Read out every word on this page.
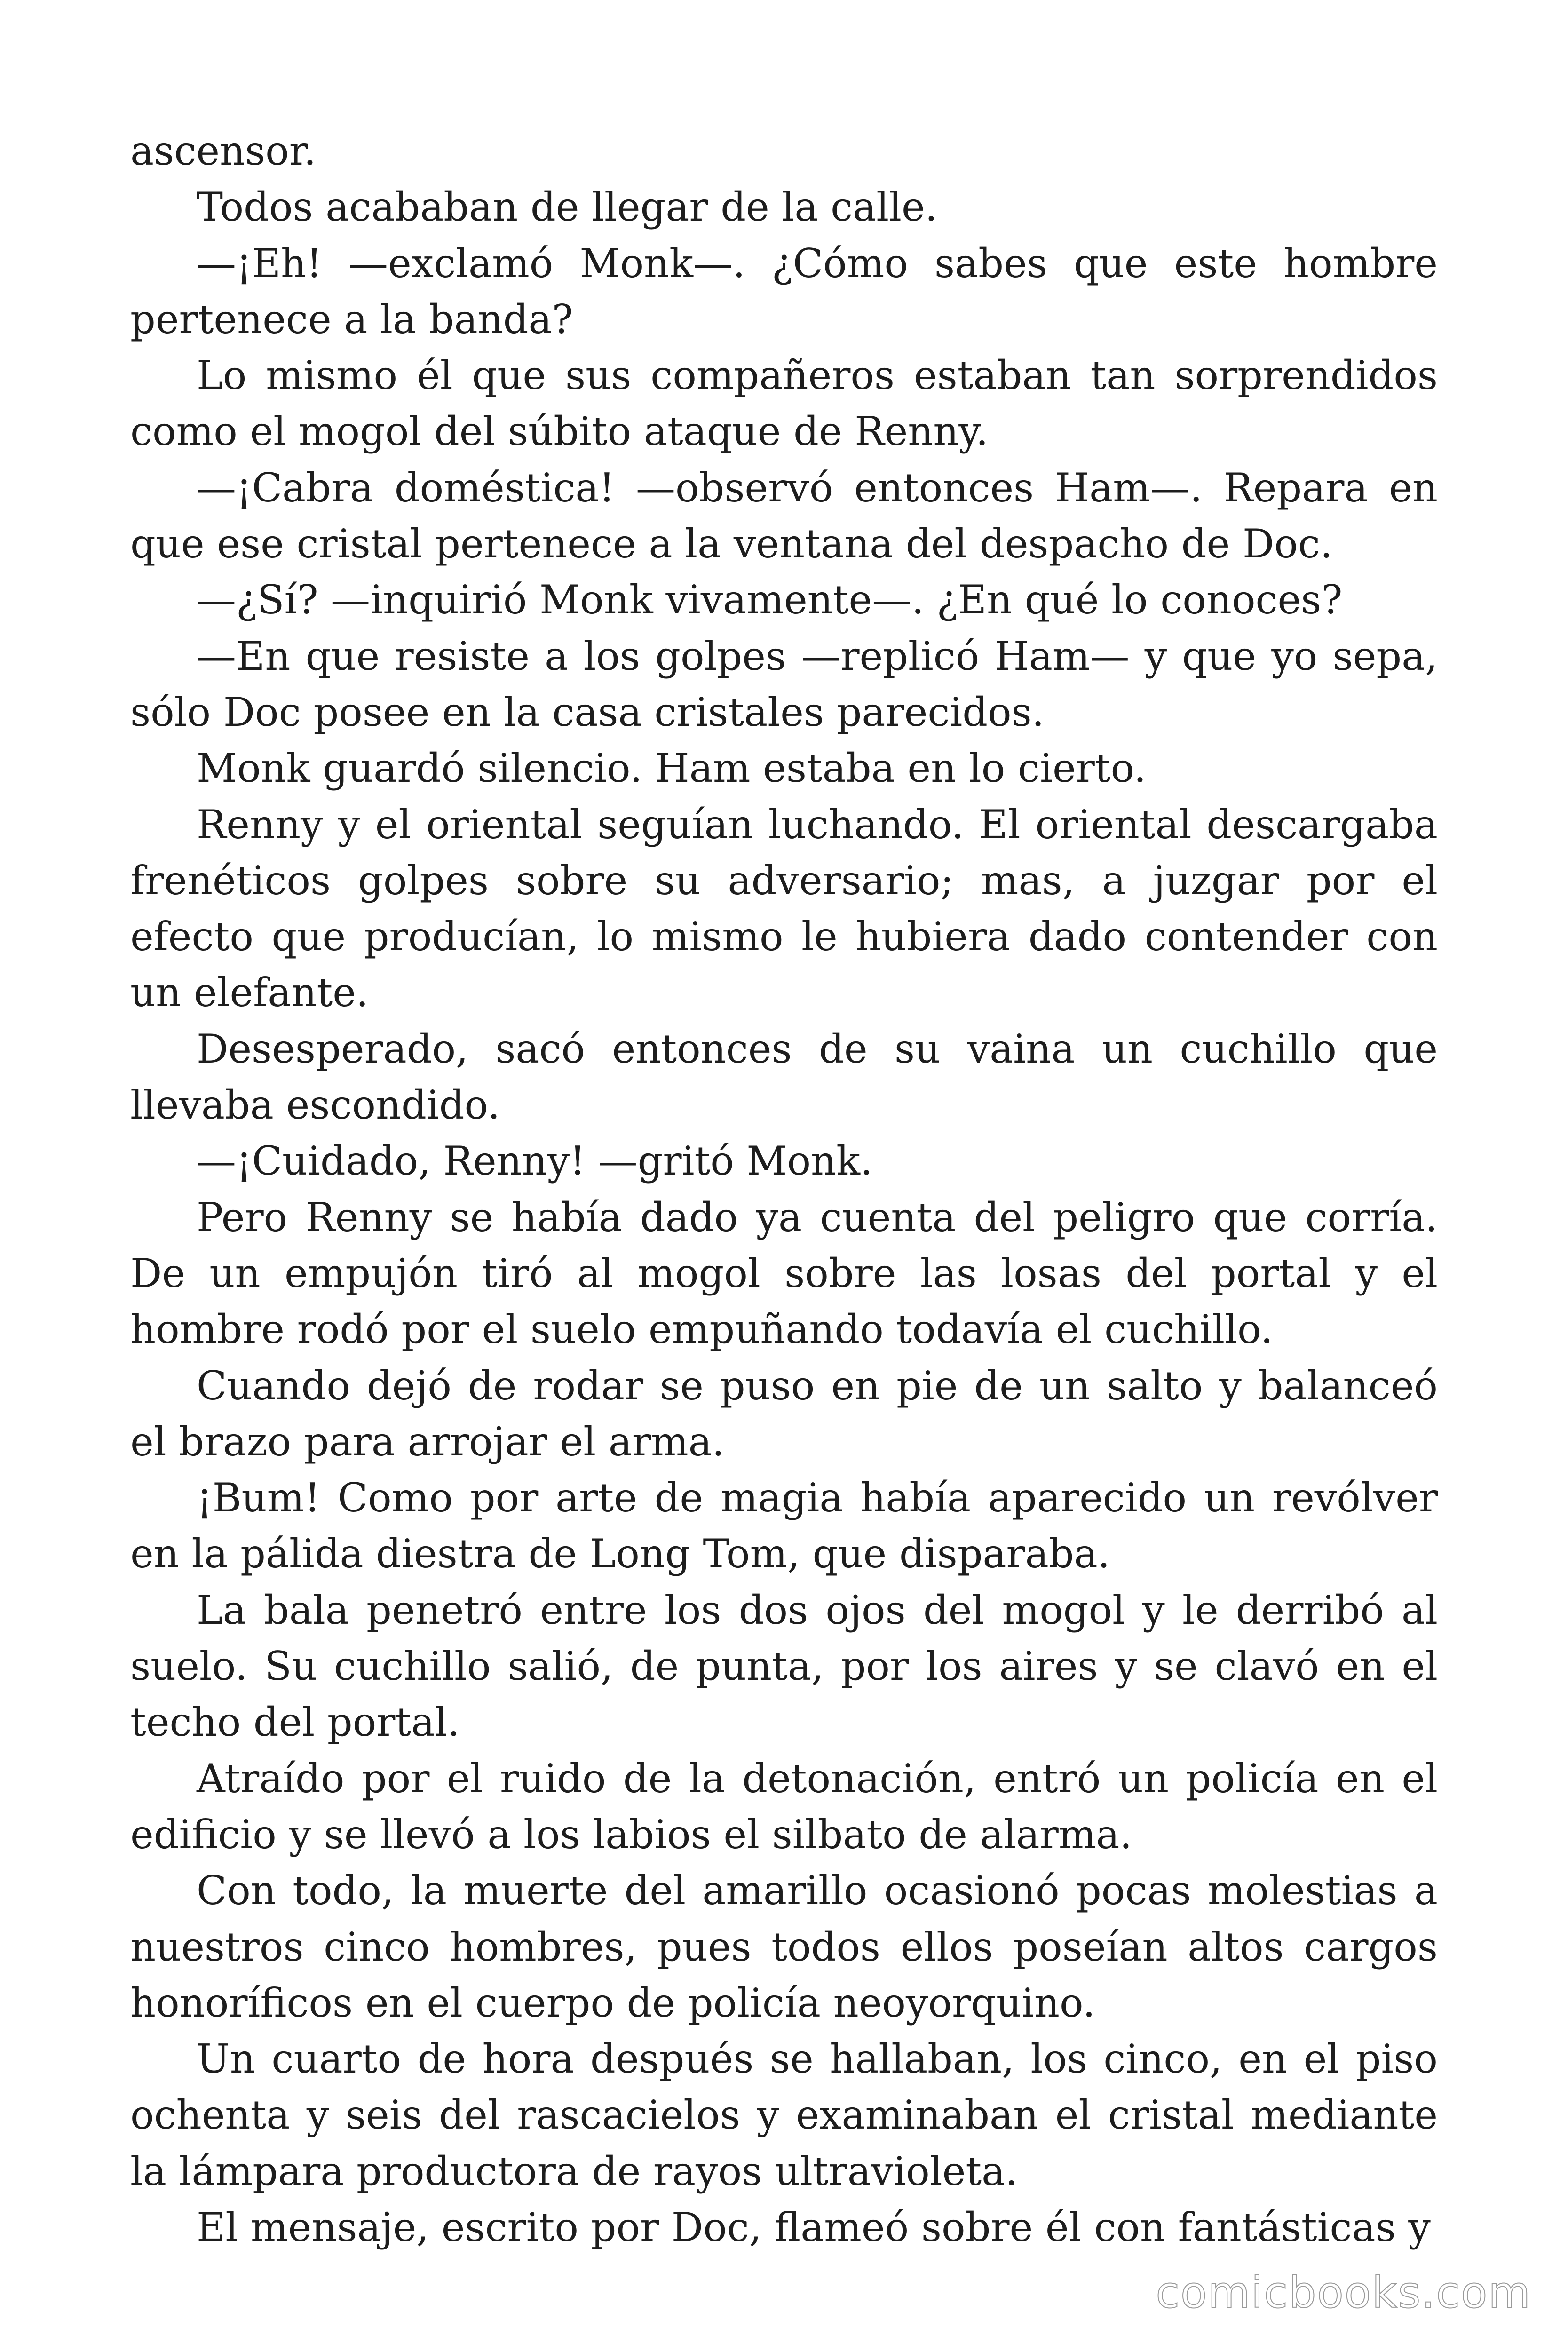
ascensor.

Todos acababan de llegar de la calle.

—¡Eh! —exclamó Monk—. ¿Cómo sabes que este hombre pertenece a la banda?

Lo mismo él que sus compañeros estaban tan sorprendidos como el mogol del súbito ataque de Renny.

—¡Cabra doméstica! —observó entonces Ham—. Repara en que ese cristal pertenece a la ventana del despacho de Doc.

—¿Sí? —inquirió Monk vivamente—. ¿En qué lo conoces?

—En que resiste a los golpes —replicó Ham— y que yo sepa, sólo Doc posee en la casa cristales parecidos.

Monk guardó silencio. Ham estaba en lo cierto.

Renny y el oriental seguían luchando. El oriental descargaba frenéticos golpes sobre su adversario; mas, a juzgar por el efecto que producían, lo mismo le hubiera dado contender con un elefante.

Desesperado, sacó entonces de su vaina un cuchillo que llevaba escondido.

—¡Cuidado, Renny! —gritó Monk.

Pero Renny se había dado ya cuenta del peligro que corría. De un empujón tiró al mogol sobre las losas del portal y el hombre rodó por el suelo empuñando todavía el cuchillo.

Cuando dejó de rodar se puso en pie de un salto y balanceó el brazo para arrojar el arma.

¡Bum! Como por arte de magia había aparecido un revólver en la pálida diestra de Long Tom, que disparaba.

La bala penetró entre los dos ojos del mogol y le derribó al suelo. Su cuchillo salió, de punta, por los aires y se clavó en el techo del portal.

Atraído por el ruido de la detonación, entró un policía en el edificio y se llevó a los labios el silbato de alarma.

Con todo, la muerte del amarillo ocasionó pocas molestias a nuestros cinco hombres, pues todos ellos poseían altos cargos honoríficos en el cuerpo de policía neoyorquino.

Un cuarto de hora después se hallaban, los cinco, en el piso ochenta y seis del rascacielos y examinaban el cristal mediante la lámpara productora de rayos ultravioleta.

El mensaje, escrito por Doc, flameó sobre él con fantásticas y

comicbooks.com
